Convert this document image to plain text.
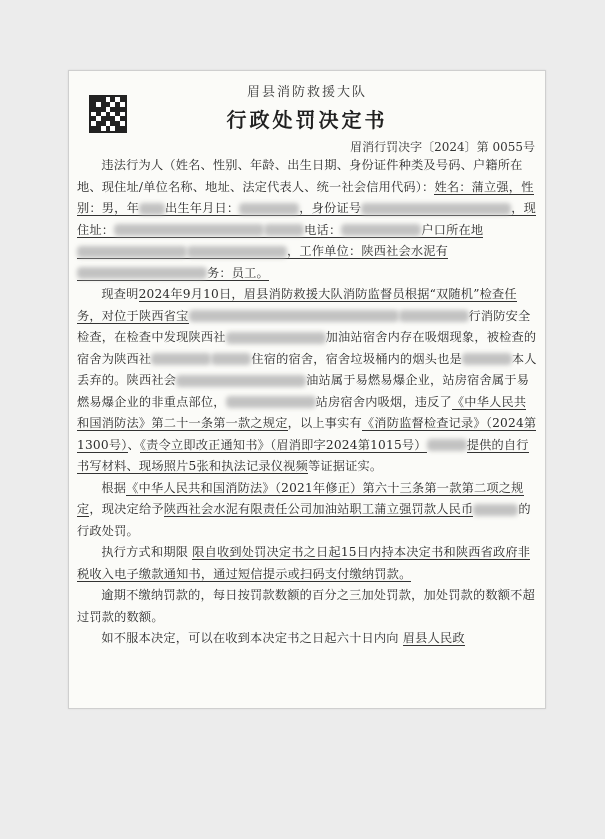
眉县消防救援大队
行政处罚决定书
眉消行罚决字〔2024〕第 0055号

违法行为人（姓名、性别、年龄、出生日期、身份证件种类及号码、户籍所在地、现住址/单位名称、地址、法定代表人、统一社会信用代码）：姓名：蒲立强，性别：男，年 出生年月日：	，身份证号	，现住址：	电话：	户口所在地，工作单位：陕西社会水泥有务：员工。

现查明2024年9月10日，眉县消防救援大队消防监督员根据“双随机”检查任务，对位于陕西省宝	行消防安全检查，在检查中发现陕西社	加油站宿舍内存在吸烟现象，被检查的宿舍为陕西社	住宿的宿舍，宿舍垃圾桶内的烟头也是	本人丢弃的。陕西社会	油站属于易燃易爆企业，站房宿舍属于易燃易爆企业的非重点部位，	站房宿舍内吸烟，违反了《中华人民共和国消防法》第二十一条第一款之规定，以上事实有《消防监督检查记录》（2024第1300号）、《责令立即改正通知书》（眉消即字2024第1015号）	提供的自行书写材料、现场照片5张和执法记录仪视频等证据证实。

根据《中华人民共和国消防法》（2021年修正）第六十三条第一款第二项之规定，现决定给予陕西社会水泥有限责任公司加油站职工蒲立强罚款人民币	的行政处罚。

执行方式和期限 限自收到处罚决定书之日起15日内持本决定书和陕西省政府非税收入电子缴款通知书，通过短信提示或扫码支付缴纳罚款。

逾期不缴纳罚款的，每日按罚款数额的百分之三加处罚款，加处罚款的数额不超过罚款的数额。

如不服本决定，可以在收到本决定书之日起六十日内向 眉县人民政
